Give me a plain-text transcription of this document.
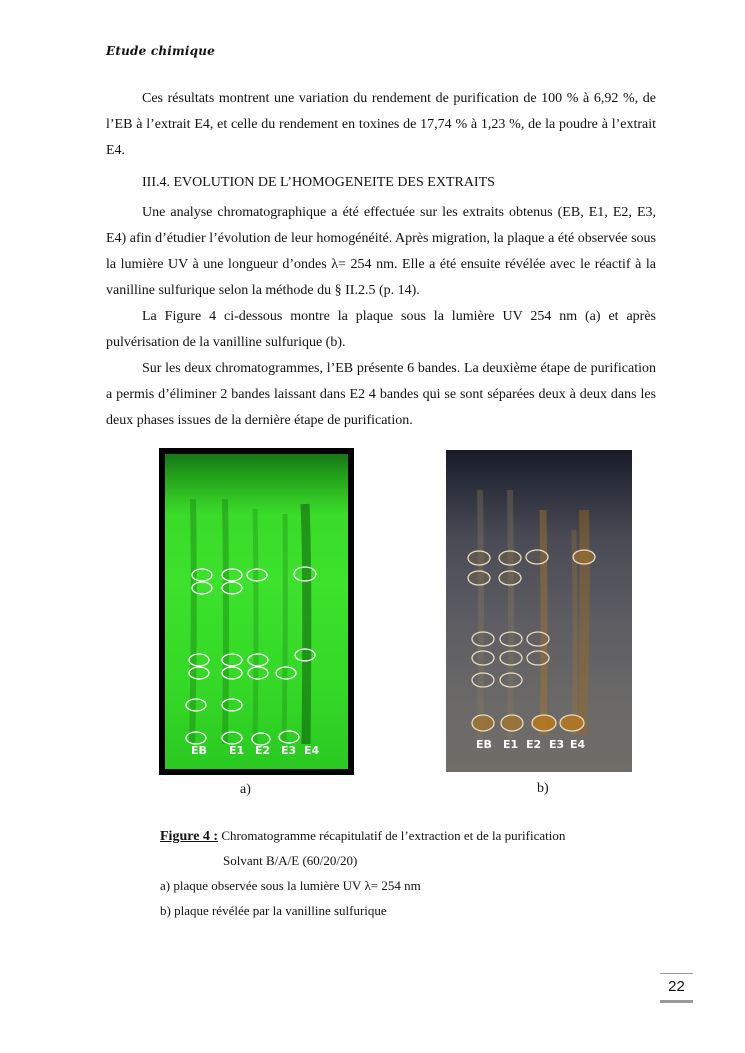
Etude chimique

Ces résultats montrent une variation du rendement de purification de 100 % à 6,92 %, de l’EB à l’extrait E4, et celle du rendement en toxines de 17,74 % à 1,23 %, de la poudre à l’extrait E4.

III.4. EVOLUTION DE L’HOMOGENEITE DES EXTRAITS

Une analyse chromatographique a été effectuée sur les extraits obtenus (EB, E1, E2, E3, E4) afin d’étudier l’évolution de leur homogénéité. Après migration, la plaque a été observée sous la lumière UV à une longueur d’ondes λ= 254 nm. Elle a été ensuite révélée avec le réactif à la vanilline sulfurique selon la méthode du § II.2.5 (p. 14).

La Figure 4 ci-dessous montre la plaque sous la lumière UV 254 nm (a) et après pulvérisation de la vanilline sulfurique (b).

Sur les deux chromatogrammes, l’EB présente 6 bandes. La deuxième étape de purification a permis d’éliminer 2 bandes laissant dans E2 4 bandes qui se sont séparées deux à deux dans les deux phases issues de la dernière étape de purification.

EB E1 E2 E3 E4	EB E1 E2 E3 E4
a)	b)
Figure 4 : Chromatogramme récapitulatif de l’extraction et de la purification
Solvant B/A/E (60/20/20)
a) plaque observée sous la lumière UV λ= 254 nm
b) plaque révélée par la vanilline sulfurique
22
